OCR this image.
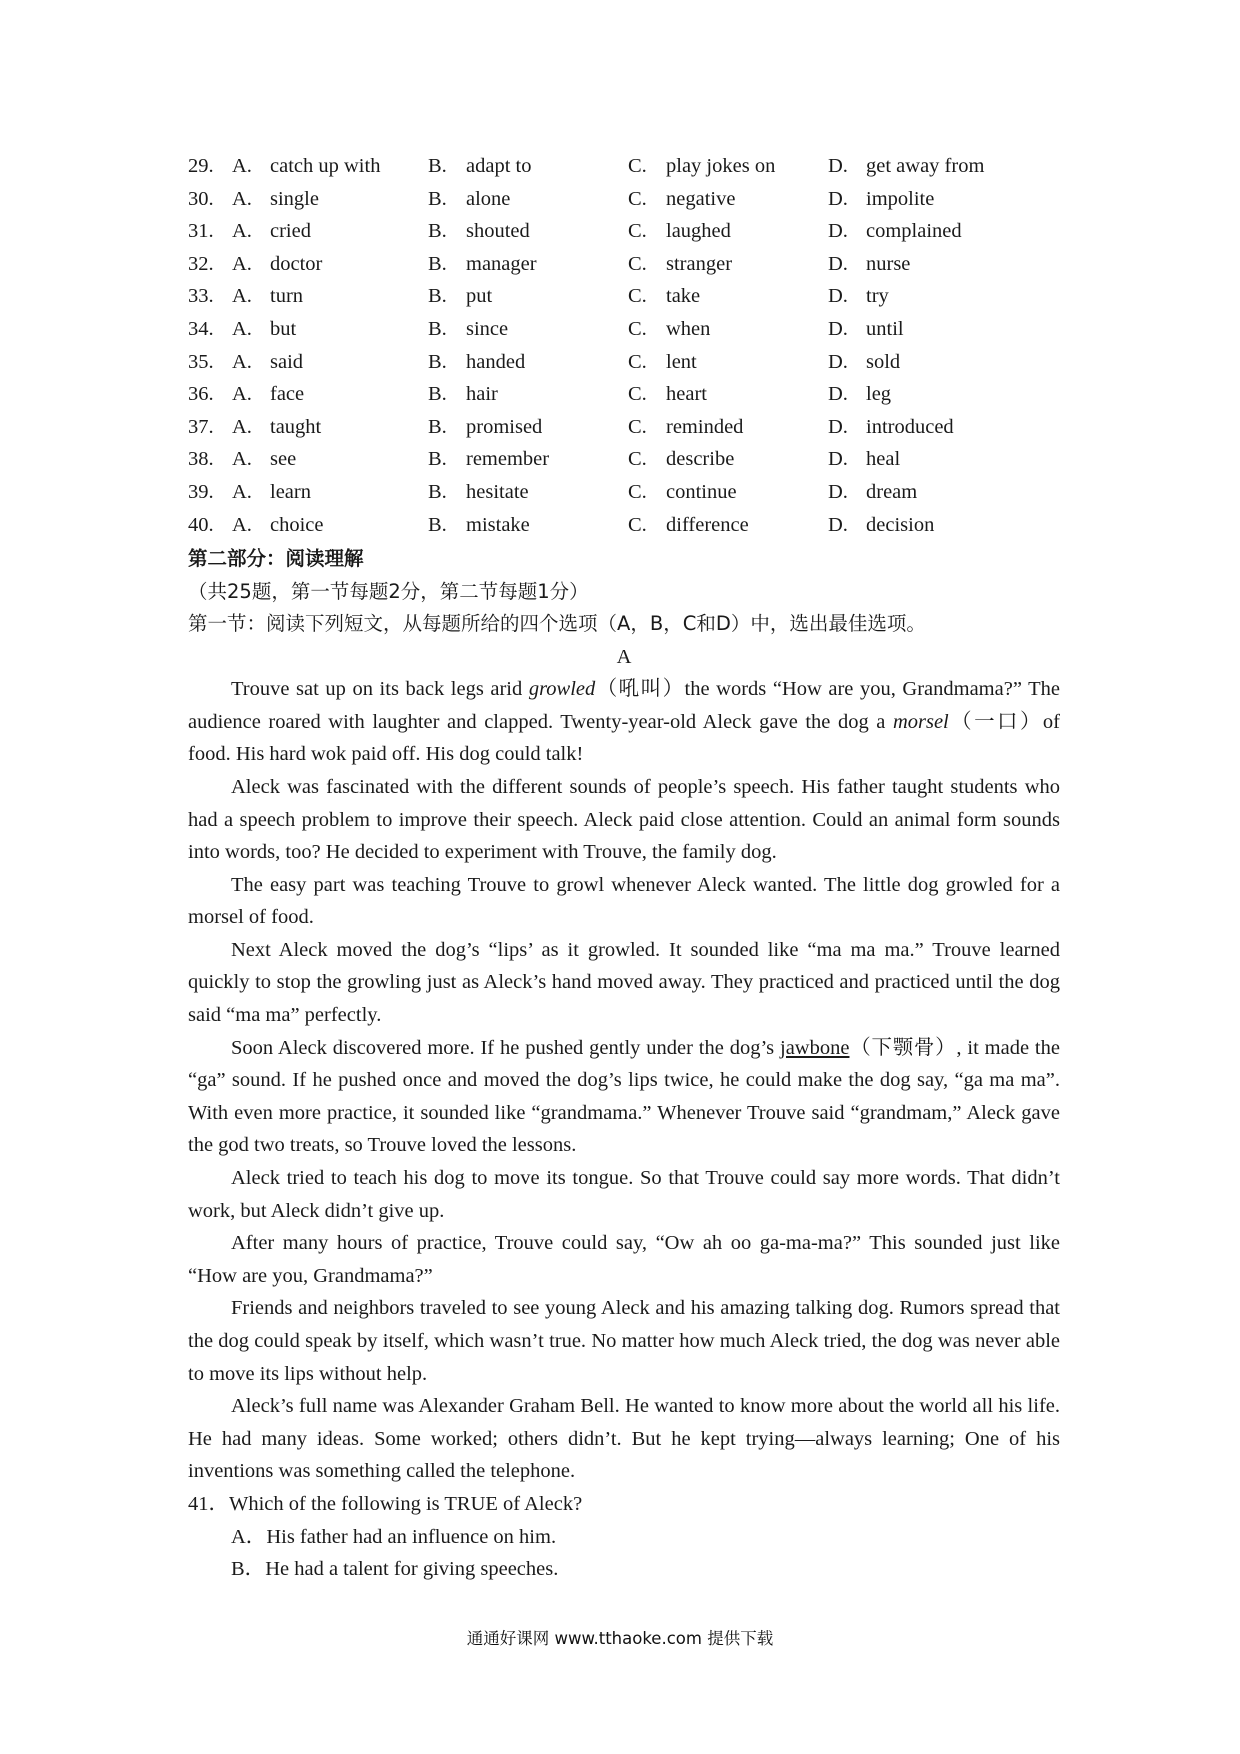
29. A. catch up with	B. adapt to	C. play jokes on	D. get away from
30. A. single	B. alone	C. negative	D. impolite
31. A. cried	B. shouted	C. laughed	D. complained
32. A. doctor	B. manager	C. stranger	D. nurse
33. A. turn	B. put	C. take	D. try
34. A. but	B. since	C. when	D. until
35. A. said	B. handed	C. lent	D. sold
36. A. face	B. hair	C. heart	D. leg
37. A. taught	B. promised	C. reminded	D. introduced
38. A. see	B. remember	C. describe	D. heal
39. A. learn	B. hesitate	C. continue	D. dream
40. A. choice	B. mistake	C. difference	D. decision
第二部分：阅读理解
（共25题，第一节每题2分，第二节每题1分）
第一节：阅读下列短文，从每题所给的四个选项（A，B，C和D）中，选出最佳选项。
A

Trouve sat up on its back legs arid growled（吼叫）the words “How are you, Grandmama?” The audience roared with laughter and clapped. Twenty-year-old Aleck gave the dog a morsel（一口）of food. His hard wok paid off. His dog could talk!

Aleck was fascinated with the different sounds of people’s speech. His father taught students who had a speech problem to improve their speech. Aleck paid close attention. Could an animal form sounds into words, too? He decided to experiment with Trouve, the family dog.

The easy part was teaching Trouve to growl whenever Aleck wanted. The little dog growled for a morsel of food.

Next Aleck moved the dog’s “lips’ as it growled. It sounded like “ma ma ma.” Trouve learned quickly to stop the growling just as Aleck’s hand moved away. They practiced and practiced until the dog said “ma ma” perfectly.

Soon Aleck discovered more. If he pushed gently under the dog’s jawbone（下颚骨）, it made the “ga” sound. If he pushed once and moved the dog’s lips twice, he could make the dog say, “ga ma ma”. With even more practice, it sounded like “grandmama.” Whenever Trouve said “grandmam,” Aleck gave the god two treats, so Trouve loved the lessons.

Aleck tried to teach his dog to move its tongue. So that Trouve could say more words. That didn’t work, but Aleck didn’t give up.

After many hours of practice, Trouve could say, “Ow ah oo ga-ma-ma?” This sounded just like “How are you, Grandmama?”

Friends and neighbors traveled to see young Aleck and his amazing talking dog. Rumors spread that the dog could speak by itself, which wasn’t true. No matter how much Aleck tried, the dog was never able to move its lips without help.

Aleck’s full name was Alexander Graham Bell. He wanted to know more about the world all his life. He had many ideas. Some worked; others didn’t. But he kept trying—always learning; One of his inventions was something called the telephone.

41．Which of the following is TRUE of Aleck?

A．His father had an influence on him.

B．He had a talent for giving speeches.

通通好课网 www.tthaoke.com 提供下载
